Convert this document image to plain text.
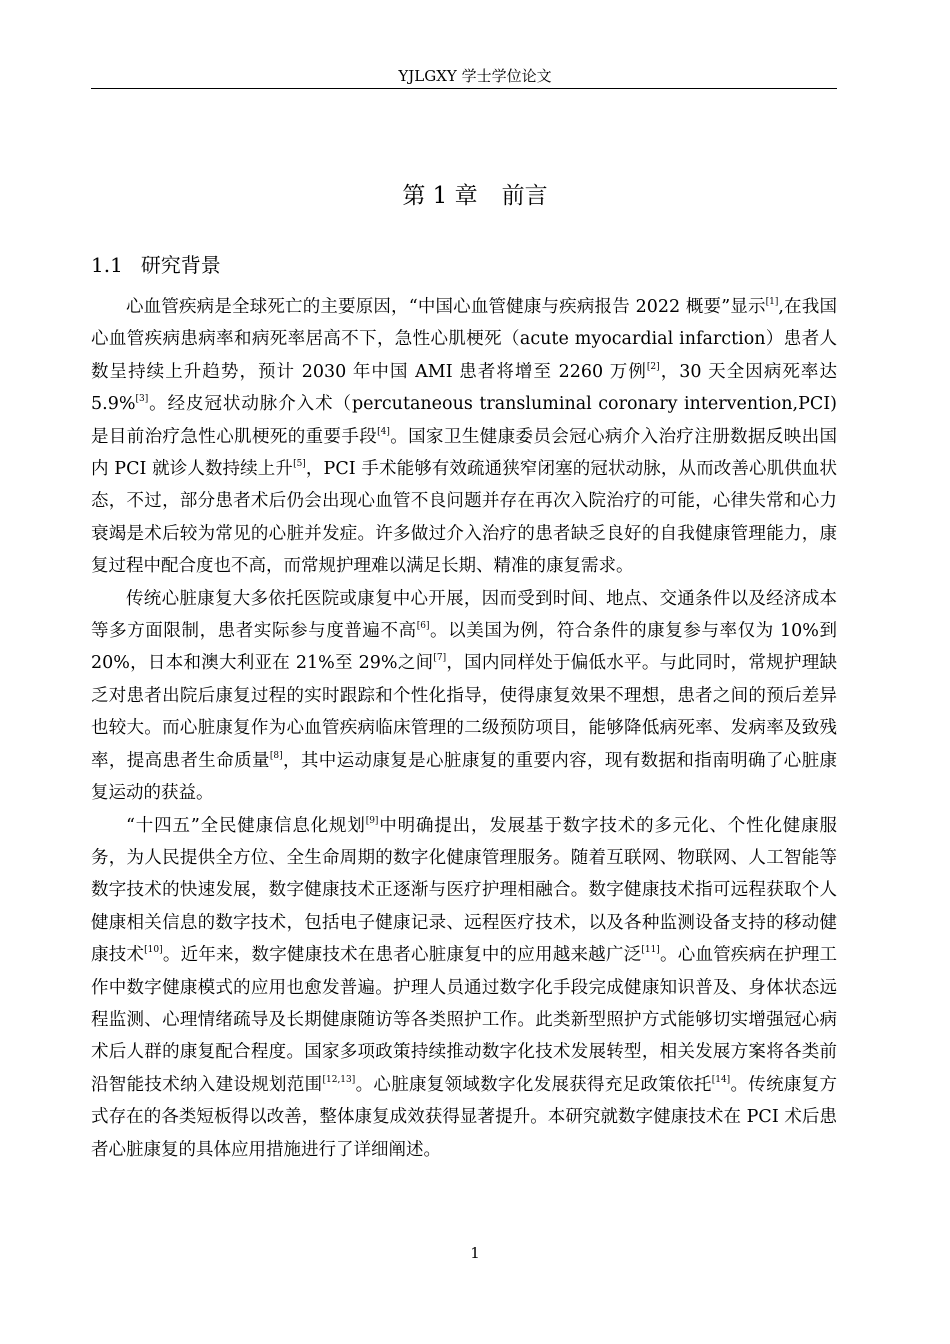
YJLGXY 学士学位论文
第 1 章 前言
1.1 研究背景

心血管疾病是全球死亡的主要原因，“中国心血管健康与疾病报告 2022 概要”显示[1],在我国心血管疾病患病率和病死率居高不下，急性心肌梗死（acute myocardial infarction）患者人数呈持续上升趋势，预计 2030 年中国 AMI 患者将增至 2260 万例[2]，30 天全因病死率达 5.9%[3]。经皮冠状动脉介入术（percutaneous transluminal coronary intervention,PCI)是目前治疗急性心肌梗死的重要手段[4]。国家卫生健康委员会冠心病介入治疗注册数据反映出国内 PCI 就诊人数持续上升[5]，PCI 手术能够有效疏通狭窄闭塞的冠状动脉，从而改善心肌供血状态，不过，部分患者术后仍会出现心血管不良问题并存在再次入院治疗的可能，心律失常和心力衰竭是术后较为常见的心脏并发症。许多做过介入治疗的患者缺乏良好的自我健康管理能力，康复过程中配合度也不高，而常规护理难以满足长期、精准的康复需求。

传统心脏康复大多依托医院或康复中心开展，因而受到时间、地点、交通条件以及经济成本等多方面限制，患者实际参与度普遍不高[6]。以美国为例，符合条件的康复参与率仅为 10%到 20%，日本和澳大利亚在 21%至 29%之间[7]，国内同样处于偏低水平。与此同时，常规护理缺乏对患者出院后康复过程的实时跟踪和个性化指导，使得康复效果不理想，患者之间的预后差异也较大。而心脏康复作为心血管疾病临床管理的二级预防项目，能够降低病死率、发病率及致残率，提高患者生命质量[8]，其中运动康复是心脏康复的重要内容，现有数据和指南明确了心脏康复运动的获益。

“十四五”全民健康信息化规划[9]中明确提出，发展基于数字技术的多元化、个性化健康服务，为人民提供全方位、全生命周期的数字化健康管理服务。随着互联网、物联网、人工智能等数字技术的快速发展，数字健康技术正逐渐与医疗护理相融合。数字健康技术指可远程获取个人健康相关信息的数字技术，包括电子健康记录、远程医疗技术，以及各种监测设备支持的移动健康技术[10]。近年来，数字健康技术在患者心脏康复中的应用越来越广泛[11]。心血管疾病在护理工作中数字健康模式的应用也愈发普遍。护理人员通过数字化手段完成健康知识普及、身体状态远程监测、心理情绪疏导及长期健康随访等各类照护工作。此类新型照护方式能够切实增强冠心病术后人群的康复配合程度。国家多项政策持续推动数字化技术发展转型，相关发展方案将各类前沿智能技术纳入建设规划范围[12,13]。心脏康复领域数字化发展获得充足政策依托[14]。传统康复方式存在的各类短板得以改善，整体康复成效获得显著提升。本研究就数字健康技术在 PCI 术后患者心脏康复的具体应用措施进行了详细阐述。

1
